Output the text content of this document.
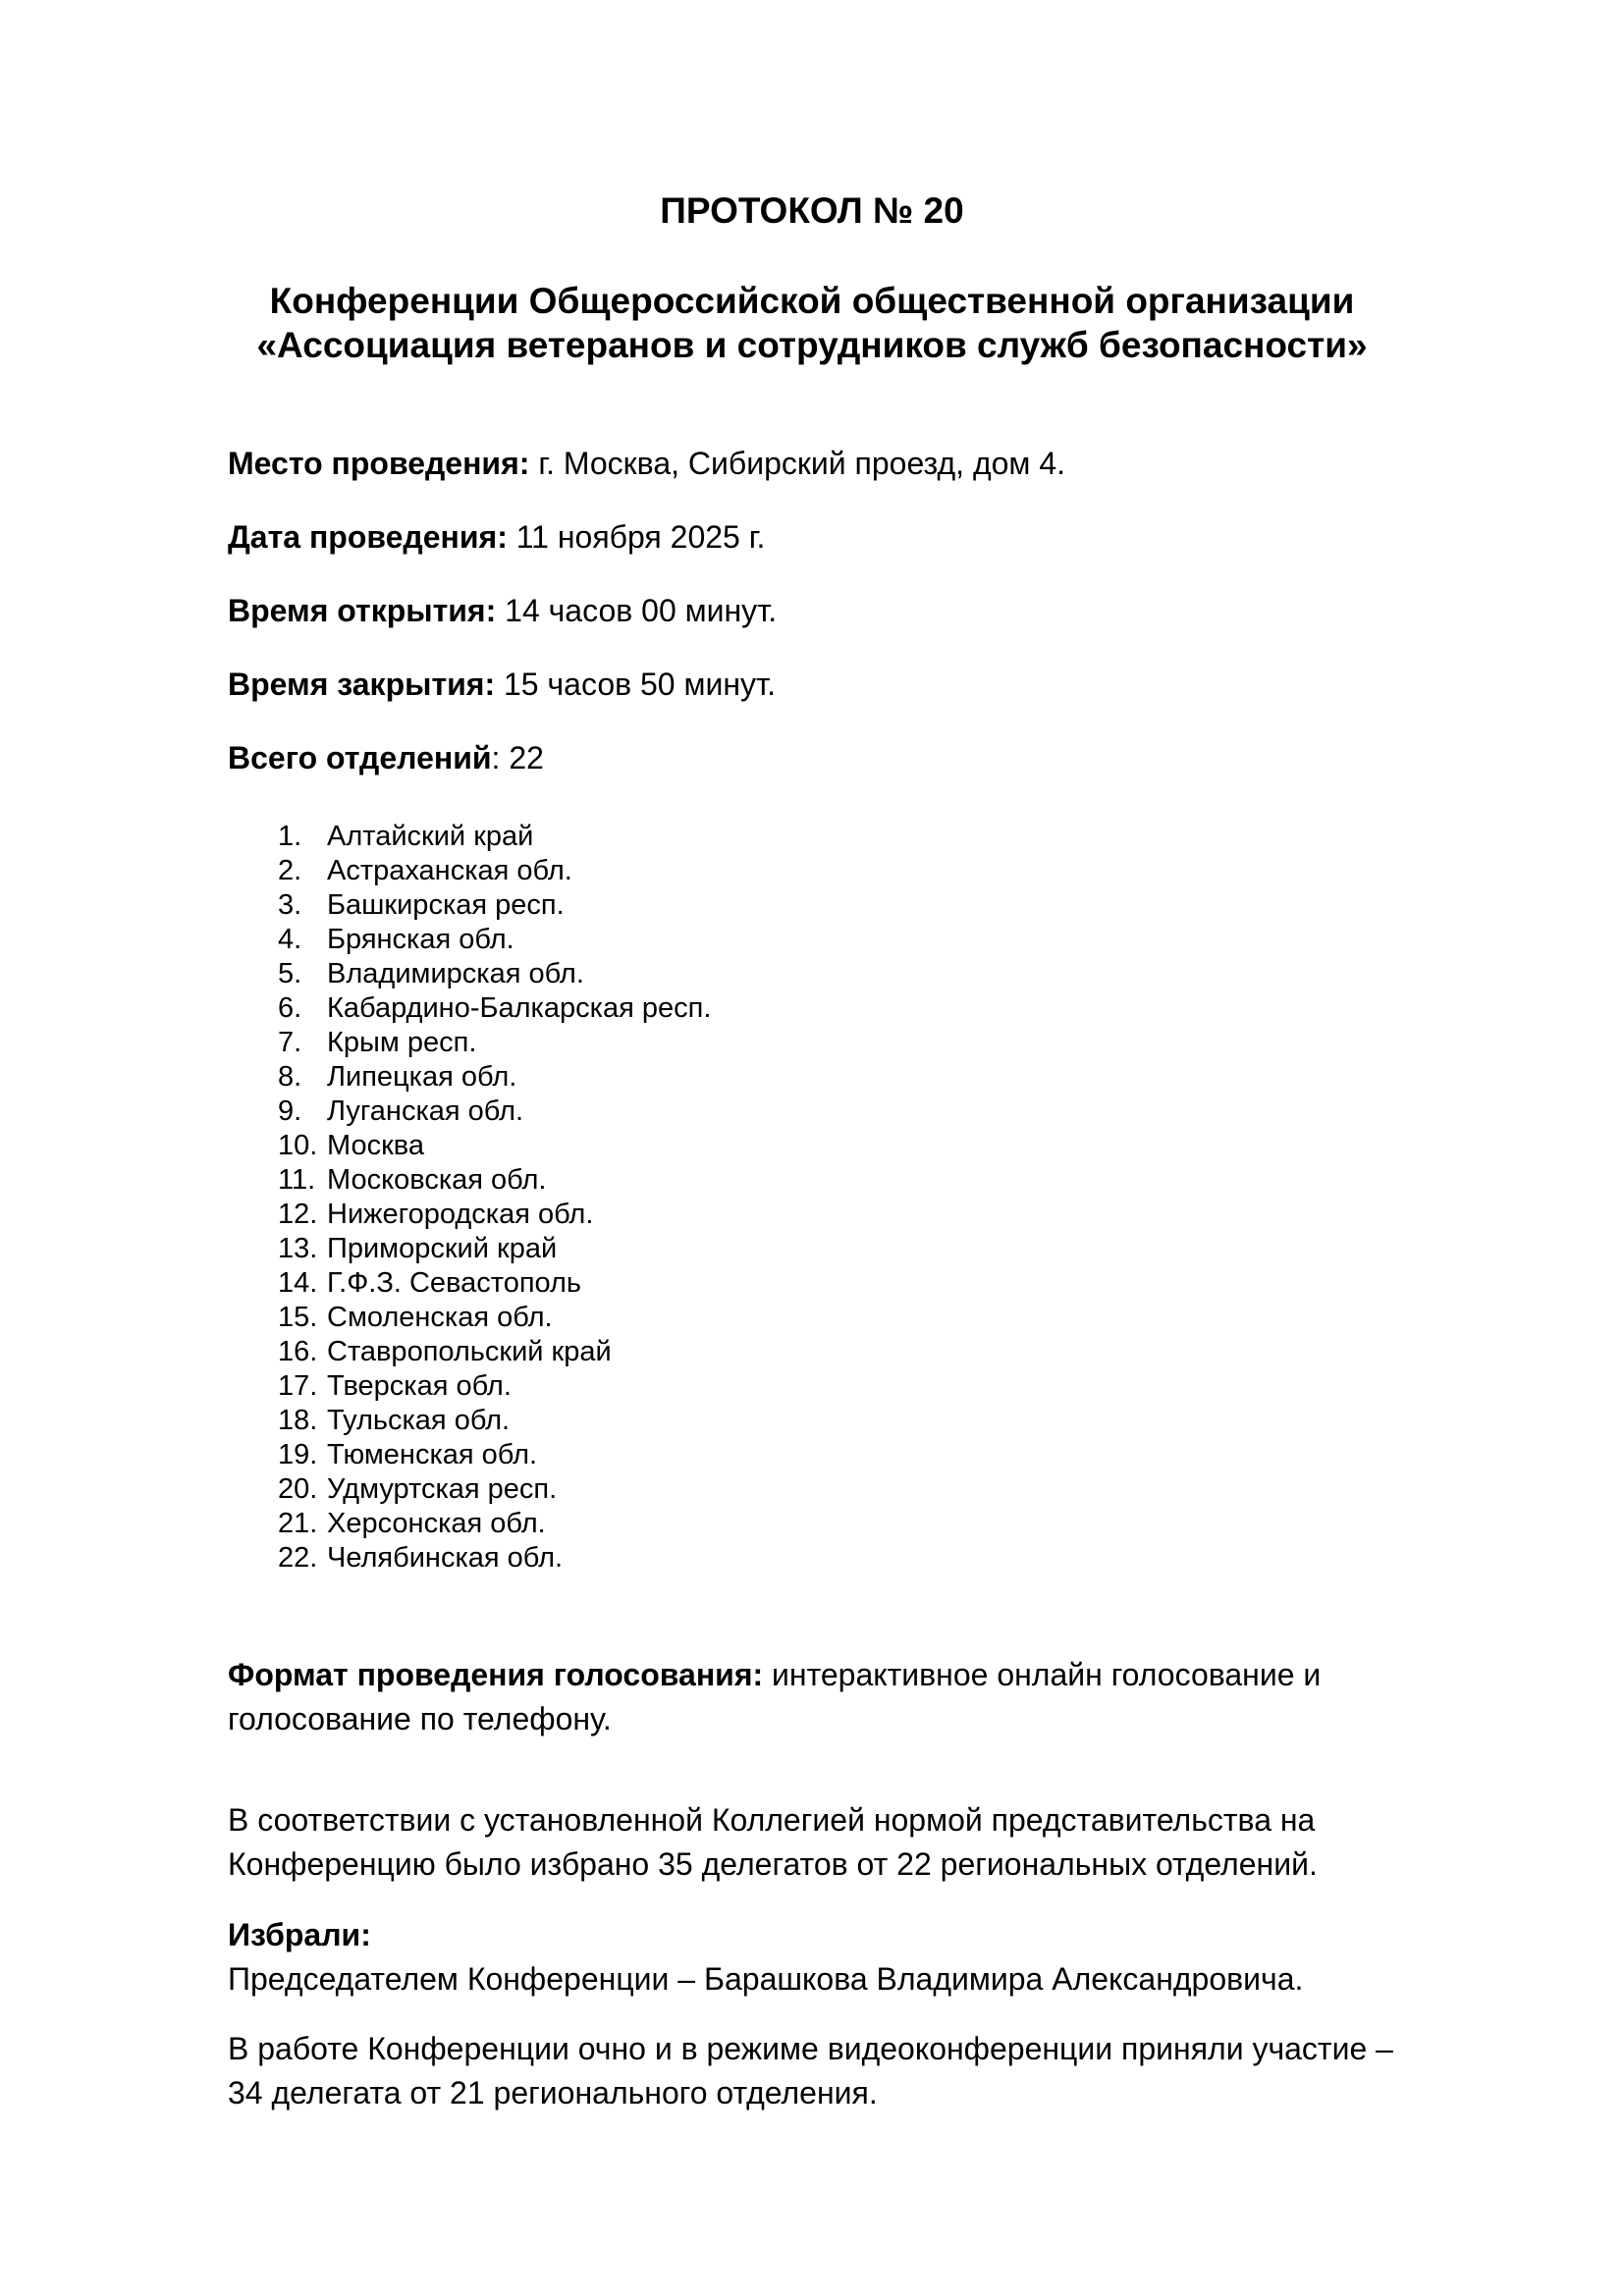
ПРОТОКОЛ № 20
Конференции Общероссийской общественной организации
«Ассоциация ветеранов и сотрудников служб безопасности»

Место проведения: г. Москва, Сибирский проезд, дом 4.

Дата проведения: 11 ноября 2025 г.

Время открытия: 14 часов 00 минут.

Время закрытия: 15 часов 50 минут.

Всего отделений: 22

1. Алтайский край
2. Астраханская обл.
3. Башкирская респ.
4. Брянская обл.
5. Владимирская обл.
6. Кабардино-Балкарская респ.
7. Крым респ.
8. Липецкая обл.
9. Луганская обл.
10. Москва
11. Московская обл.
12. Нижегородская обл.
13. Приморский край
14. Г.Ф.З. Севастополь
15. Смоленская обл.
16. Ставропольский край
17. Тверская обл.
18. Тульская обл.
19. Тюменская обл.
20. Удмуртская респ.
21. Херсонская обл.
22. Челябинская обл.

Формат проведения голосования: интерактивное онлайн голосование и голосование по телефону.

В соответствии с установленной Коллегией нормой представительства на Конференцию было избрано 35 делегатов от 22 региональных отделений.

Избрали:

Председателем Конференции – Барашкова Владимира Александровича.

В работе Конференции очно и в режиме видеоконференции приняли участие – 34 делегата от 21 регионального отделения.
